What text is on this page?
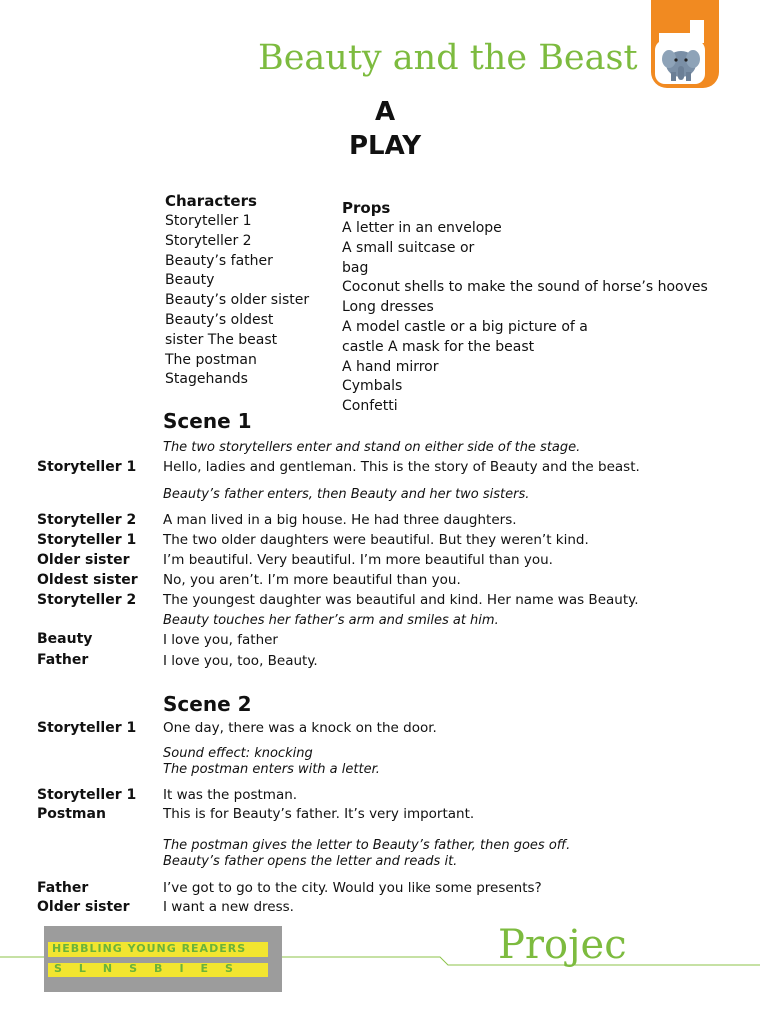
Beauty and the Beast
A
PLAY
Characters
Storyteller 1
Storyteller 2
Beauty’s father
Beauty
Beauty’s older sister
Beauty’s oldest
sister The beast
The postman
Stagehands
Props
A letter in an envelope
A small suitcase or
bag
Coconut shells to make the sound of horse’s hooves
Long dresses
A model castle or a big picture of a
castle A mask for the beast
A hand mirror
Cymbals
Confetti
Scene 1
The two storytellers enter and stand on either side of the stage.
Storyteller 1 Hello, ladies and gentleman. This is the story of Beauty and the beast.
Beauty’s father enters, then Beauty and her two sisters.
Storyteller 2 A man lived in a big house. He had three daughters.
Storyteller 1 The two older daughters were beautiful. But they weren’t kind.
Older sister I’m beautiful. Very beautiful. I’m more beautiful than you.
Oldest sister No, you aren’t. I’m more beautiful than you.
Storyteller 2 The youngest daughter was beautiful and kind. Her name was Beauty.
Beauty touches her father’s arm and smiles at him.
Beauty	I love you, father
Father	I love you, too, Beauty.
Scene 2
Storyteller 1 One day, there was a knock on the door.
Sound effect: knocking
The postman enters with a letter.
Storyteller 1 It was the postman.
Postman	This is for Beauty’s father. It’s very important.
The postman gives the letter to Beauty’s father, then goes off.
Beauty’s father opens the letter and reads it.
Father	I’ve got to go to the city. Would you like some presents?
Older sister I want a new dress.
HEBBLING YOUNG READERS
SLNSBIES
Projec
